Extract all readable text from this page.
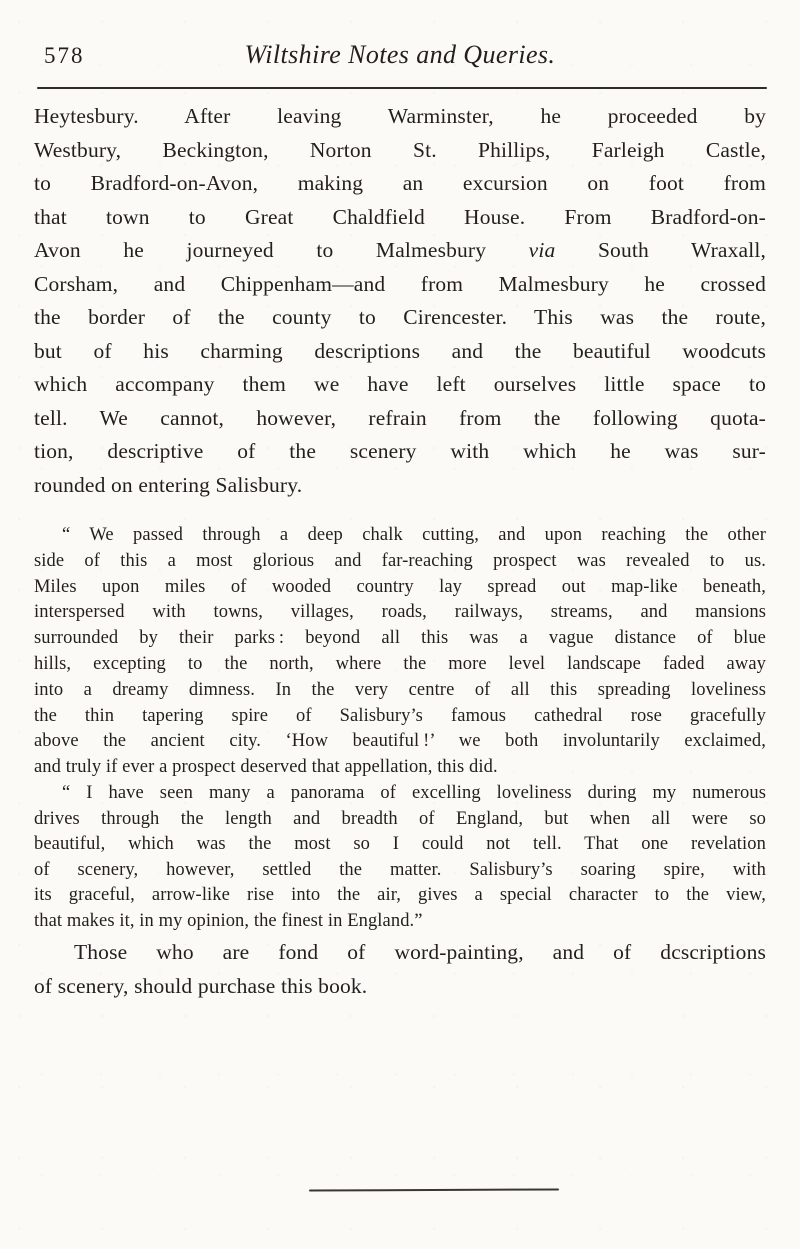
578	Wiltshire Notes and Queries.
Heytesbury. After leaving Warminster, he proceeded by
Westbury, Beckington, Norton St. Phillips, Farleigh Castle,
to Bradford-on-Avon, making an excursion on foot from
that town to Great Chaldfield House. From Bradford-on-
Avon he journeyed to Malmesbury via South Wraxall,
Corsham, and Chippenham—and from Malmesbury he crossed
the border of the county to Cirencester. This was the route,
but of his charming descriptions and the beautiful woodcuts
which accompany them we have left ourselves little space to
tell. We cannot, however, refrain from the following quota-
tion, descriptive of the scenery with which he was sur-
rounded on entering Salisbury.
“ We passed through a deep chalk cutting, and upon reaching the other
side of this a most glorious and far-reaching prospect was revealed to us.
Miles upon miles of wooded country lay spread out map-like beneath,
interspersed with towns, villages, roads, railways, streams, and mansions
surrounded by their parks : beyond all this was a vague distance of blue
hills, excepting to the north, where the more level landscape faded away
into a dreamy dimness. In the very centre of all this spreading loveliness
the thin tapering spire of Salisbury’s famous cathedral rose gracefully
above the ancient city. ‘How beautiful !’ we both involuntarily exclaimed,
and truly if ever a prospect deserved that appellation, this did.
“ I have seen many a panorama of excelling loveliness during my numerous
drives through the length and breadth of England, but when all were so
beautiful, which was the most so I could not tell. That one revelation
of scenery, however, settled the matter. Salisbury’s soaring spire, with
its graceful, arrow-like rise into the air, gives a special character to the view,
that makes it, in my opinion, the finest in England.”
Those who are fond of word-painting, and of dcscriptions
of scenery, should purchase this book.
